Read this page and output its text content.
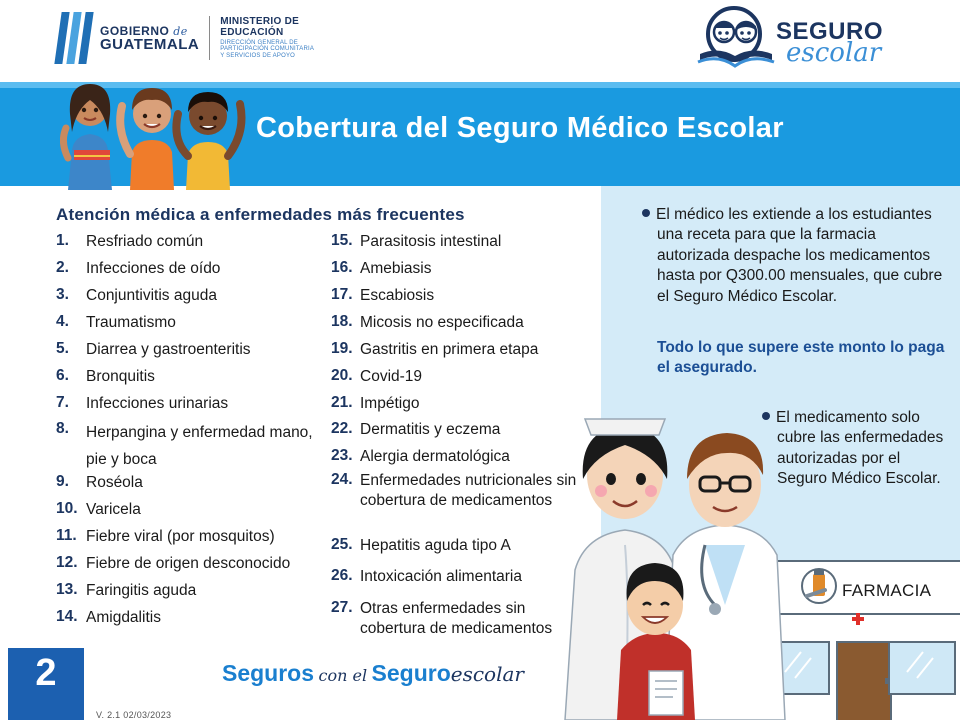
GOBIERNO de
GUATEMALA
MINISTERIO DE
EDUCACIÓN
DIRECCIÓN GENERAL DE
PARTICIPACIÓN COMUNITARIA
Y SERVICIOS DE APOYO
SEGURO
escolar
Cobertura del Seguro Médico Escolar
Atención médica a enfermedades más frecuentes
1.	Resfriado común
2.	Infecciones de oído
3.	Conjuntivitis aguda
4.	Traumatismo
5.	Diarrea y gastroenteritis
6.	Bronquitis
7.	Infecciones urinarias
8.	Herpangina y enfermedad mano, pie y boca
9.	Roséola
10. Varicela
11. Fiebre viral (por mosquitos)
12. Fiebre de origen desconocido
13. Faringitis aguda
14. Amigdalitis
15. Parasitosis intestinal
16. Amebiasis
17. Escabiosis
18. Micosis no especificada
19. Gastritis en primera etapa
20. Covid-19
21. Impétigo
22. Dermatitis y eczema
23. Alergia dermatológica
24. Enfermedades nutricionales sin cobertura de medicamentos
25. Hepatitis aguda tipo A
26. Intoxicación alimentaria
27. Otras enfermedades sin cobertura de medicamentos
El médico les extiende a los estudiantes una receta para que la farmacia autorizada despache los medicamentos hasta por Q300.00 mensuales, que cubre el Seguro Médico Escolar.
Todo lo que supere este monto lo paga el asegurado.
El medicamento solo cubre las enfermedades autorizadas por el Seguro Médico Escolar.
FARMACIA
2
V. 2.1 02/03/2023
Seguros con el Seguroescolar
